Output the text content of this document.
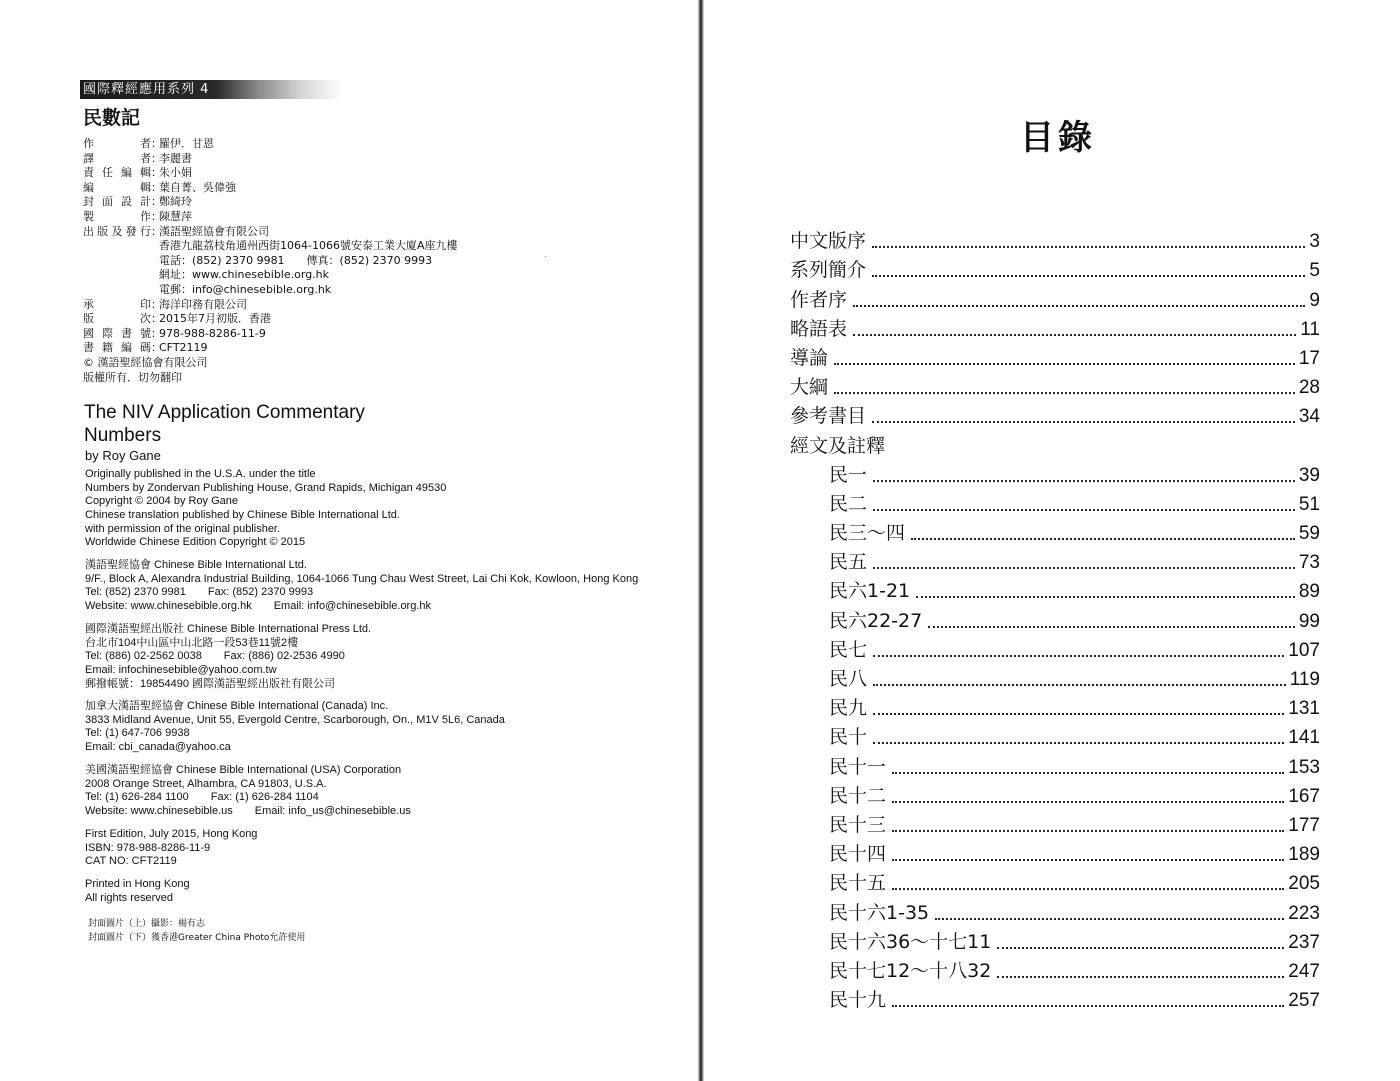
國際釋經應用系列 4
民數記
作	者 ：
羅伊．甘恩
譯	者 ：
李麗書
責 任 編 輯 ：
朱小娟
編	輯 ：
葉自菁、吳偉強
封 面 設 計 ：
鄭綺玲
製	作 ：
陳慧萍
出 版 及 發 行 ：
漢語聖經協會有限公司
香港九龍荔枝角通州西街1064-1066號安泰工業大廈A座九樓
電話：(852) 2370 9981　　傳真：(852) 2370 9993
網址：www.chinesebible.org.hk
電郵：info@chinesebible.org.hk
承	印 ：
海洋印務有限公司
版	次 ：
2015年7月初版．香港
國 際 書 號 ：
978-988-8286-11-9
書 籍 編 碼 ：
CFT2119
© 漢語聖經協會有限公司
版權所有．切勿翻印
The NIV Application Commentary
Numbers
by Roy Gane
Originally published in the U.S.A. under the title
Numbers by Zondervan Publishing House, Grand Rapids, Michigan 49530
Copyright © 2004 by Roy Gane
Chinese translation published by Chinese Bible International Ltd.
with permission of the original publisher.
Worldwide Chinese Edition Copyright © 2015
漢語聖經協會 Chinese Bible International Ltd.
9/F., Block A, Alexandra Industrial Building, 1064-1066 Tung Chau West Street, Lai Chi Kok, Kowloon, Hong Kong
Tel: (852) 2370 9981　　Fax: (852) 2370 9993
Website: www.chinesebible.org.hk　　Email: info@chinesebible.org.hk
國際漢語聖經出版社 Chinese Bible International Press Ltd.
台北市104中山區中山北路一段53巷11號2樓
Tel: (886) 02-2562 0038　　Fax: (886) 02-2536 4990
Email: infochinesebible@yahoo.com.tw
郵撥帳號：19854490 國際漢語聖經出版社有限公司
加拿大漢語聖經協會 Chinese Bible International (Canada) Inc.
3833 Midland Avenue, Unit 55, Evergold Centre, Scarborough, On., M1V 5L6, Canada
Tel: (1) 647-706 9938
Email: cbi_canada@yahoo.ca
美國漢語聖經協會 Chinese Bible International (USA) Corporation
2008 Orange Street, Alhambra, CA 91803, U.S.A.
Tel: (1) 626-284 1100　　Fax: (1) 626-284 1104
Website: www.chinesebible.us　　Email: info_us@chinesebible.us
First Edition, July 2015, Hong Kong
ISBN: 978-988-8286-11-9
CAT NO: CFT2119
Printed in Hong Kong
All rights reserved
封面圖片（上）攝影：楊有志
封面圖片（下）獲香港Greater China Photo允許使用
目錄
中文版序	3
系列簡介	5
作者序	9
略語表	11
導論	17
大綱	28
參考書目	34
經文及註釋
民一	39
民二	51
民三～四	59
民五	73
民六1-21	89
民六22-27	99
民七	107
民八	119
民九	131
民十	141
民十一	153
民十二	167
民十三	177
民十四	189
民十五	205
民十六1-35	223
民十六36～十七11	237
民十七12～十八32	247
民十九	257
